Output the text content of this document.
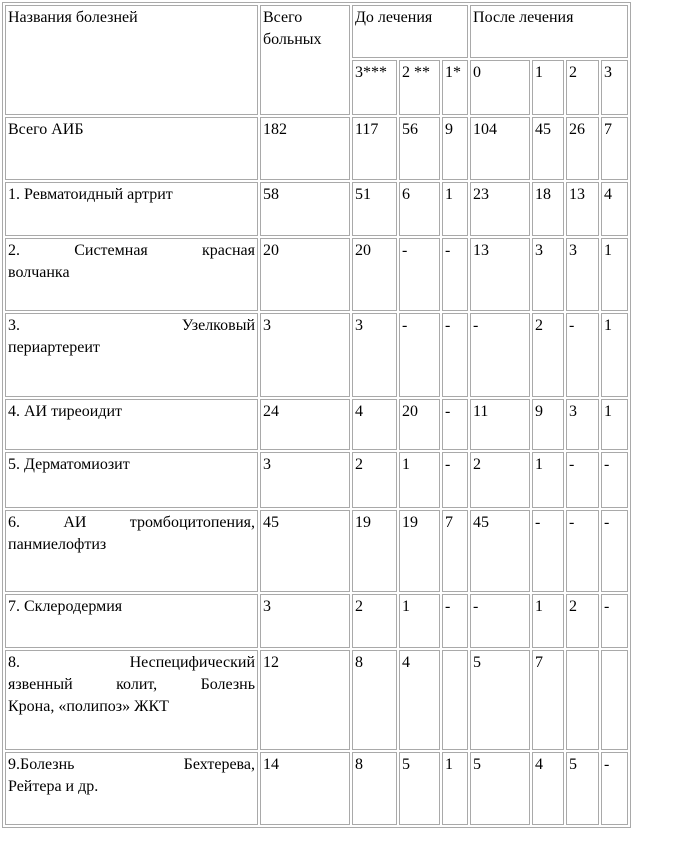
Названия болезней	Всего больных	До лечения			После лечения			
		3***	2 **	1*	0	1	2	3

Всего АИБ	182	117	56	9	104	45	26	7

1. Ревматоидный артрит	58	51	6	1	23	18	13	4

2. Системная красная
волчанка	20	20	-	-	13	3	3	1

3. Узелковый
периартереит	3	3	-	-	-	2	-	1

4. АИ тиреоидит	24	4	20	-	11	9	3	1

5. Дерматомиозит	3	2	1	-	2	1	-	-

6. АИ тромбоцитопения,
панмиелофтиз	45	19	19	7	45	-	-	-

7. Склеродермия	3	2	1	-	-	1	2	-

8. Неспецифический
язвенный колит, Болезнь
Крона, «полипоз» ЖКТ	12	8	4		5	7		

9.Болезнь Бехтерева,
Рейтера и др.	14	8	5	1	5	4	5	-
